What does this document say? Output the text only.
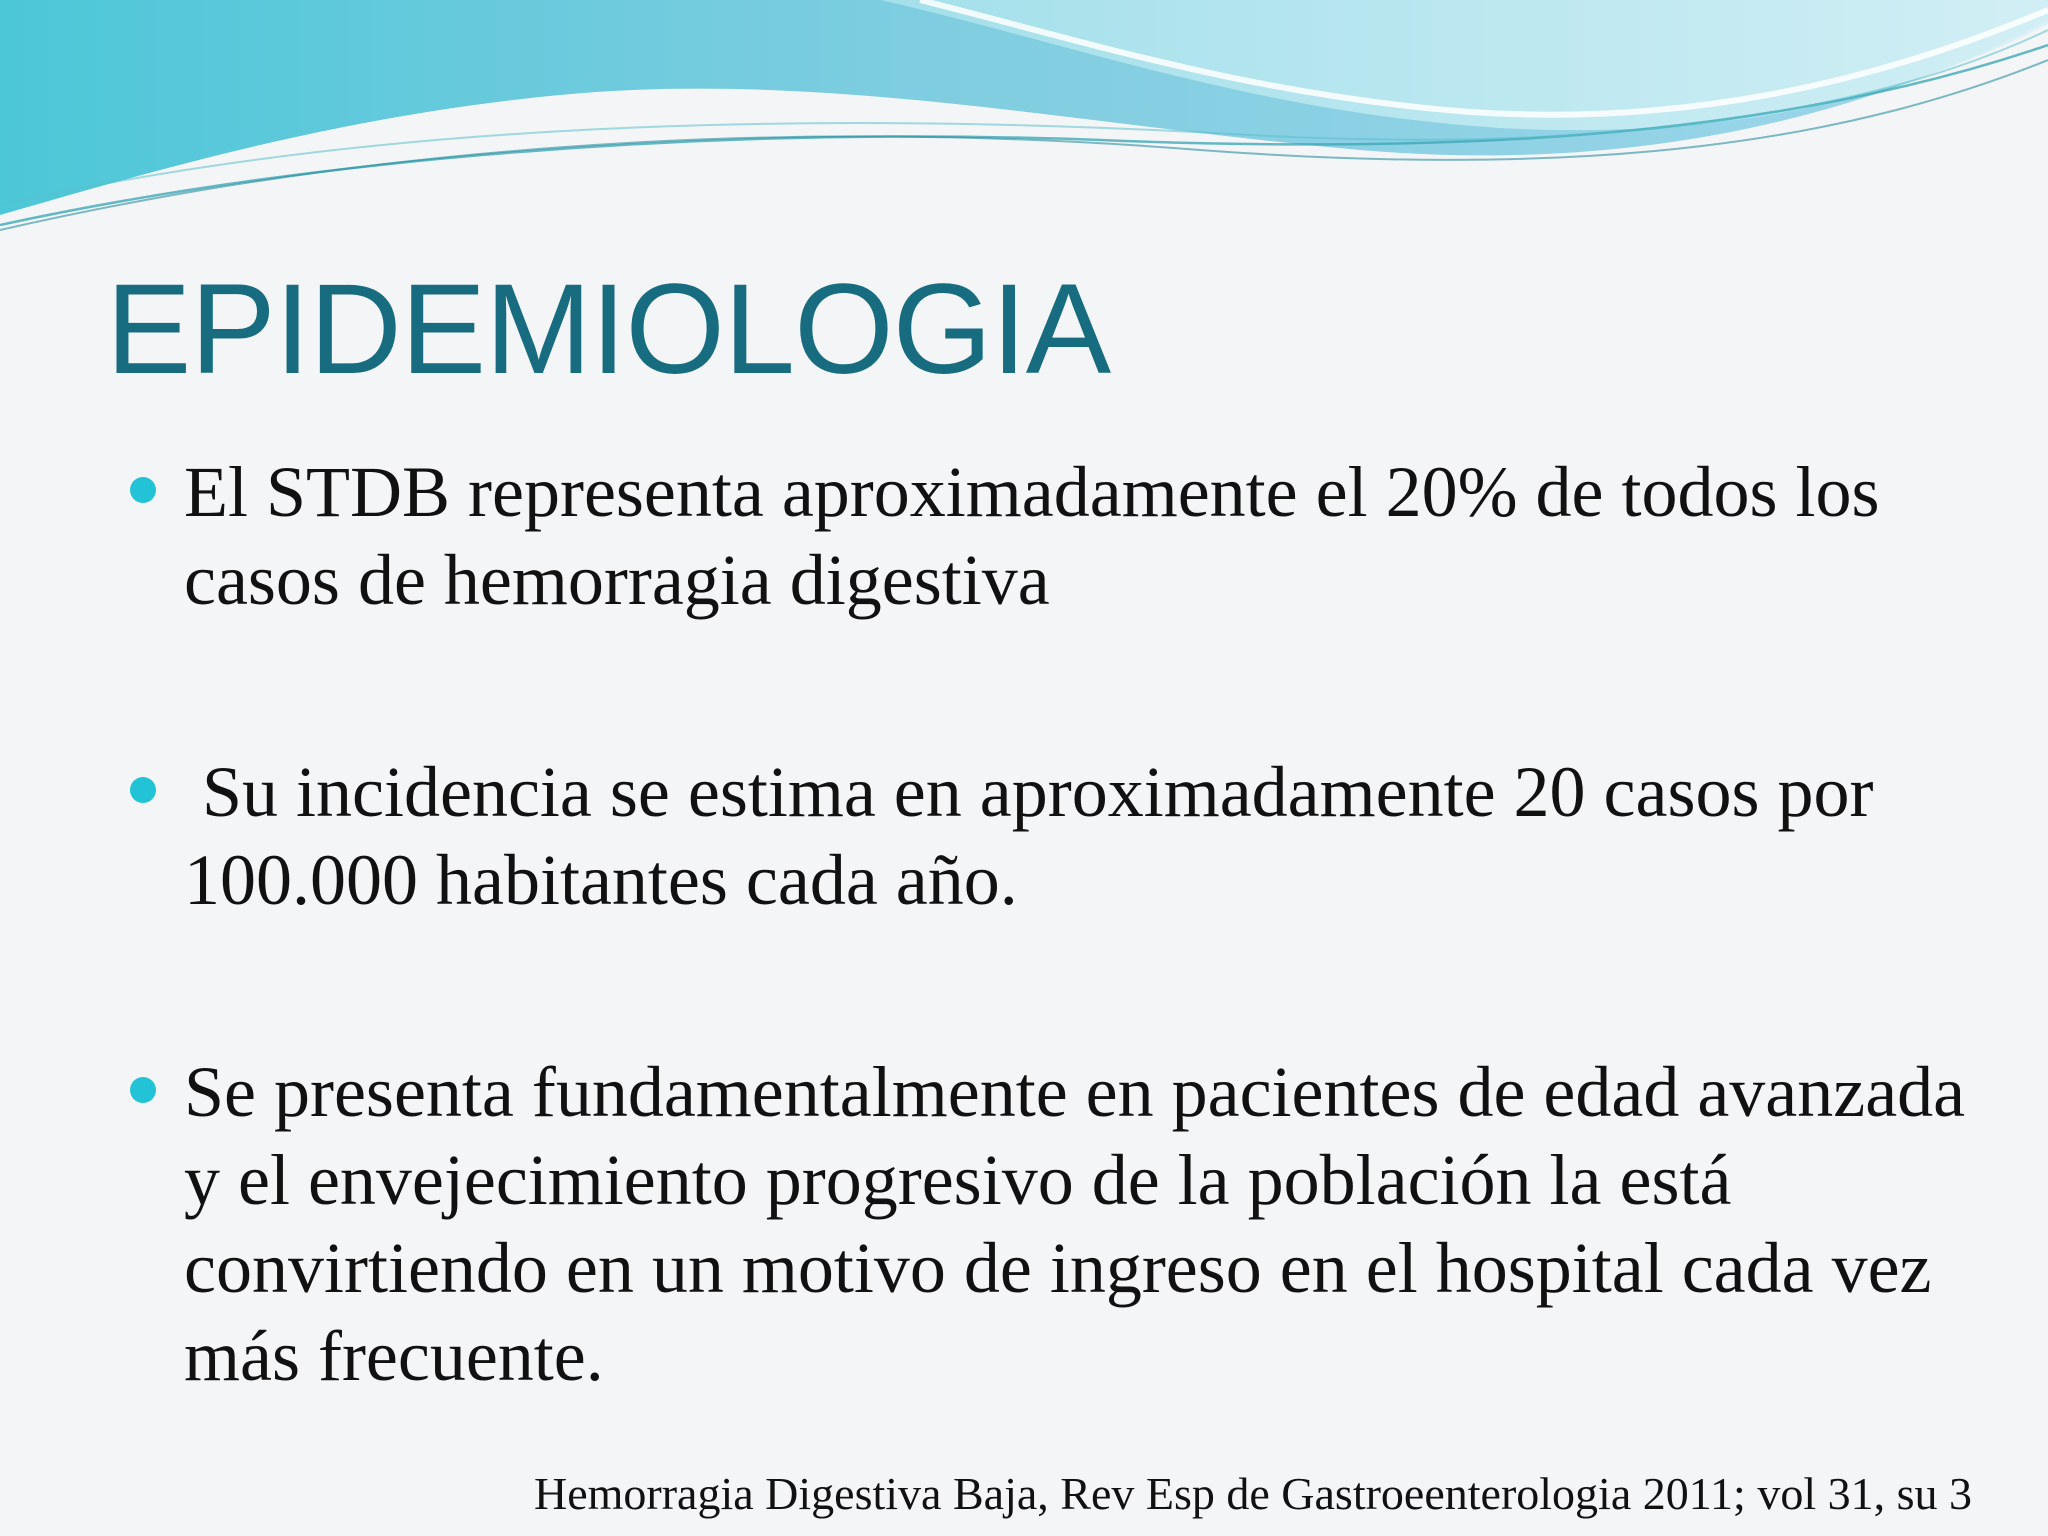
EPIDEMIOLOGIA
El STDB representa aproximadamente el 20% de todos los casos de hemorragia digestiva
Su incidencia se estima en aproximadamente 20 casos por 100.000 habitantes cada año.
Se presenta fundamentalmente en pacientes de edad avanzada y el envejecimiento progresivo de la población la está convirtiendo en un motivo de ingreso en el hospital cada vez más frecuente.
Hemorragia Digestiva Baja, Rev Esp de Gastroeenterologia 2011; vol 31, su 3
